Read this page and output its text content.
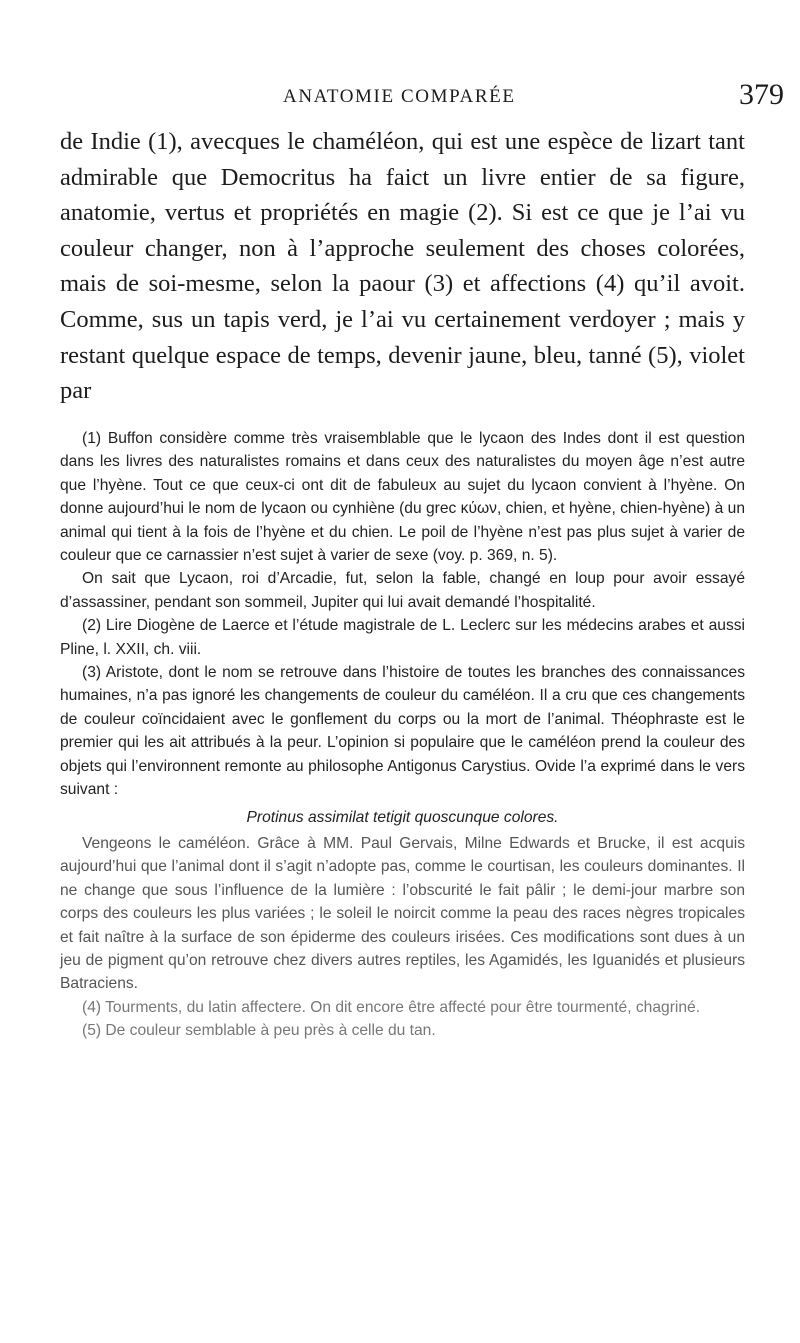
ANATOMIE COMPARÉE	379

de Indie (1), avecques le chaméléon, qui est une espèce de lizart tant admirable que Democritus ha faict un livre entier de sa figure, anatomie, vertus et propriétés en magie (2). Si est ce que je l’ai vu couleur changer, non à l’approche seulement des choses colorées, mais de soi-mesme, selon la paour (3) et affections (4) qu’il avoit. Comme, sus un tapis verd, je l’ai vu certainement verdoyer ; mais y restant quelque espace de temps, devenir jaune, bleu, tanné (5), violet par

(1) Buffon considère comme très vraisemblable que le lycaon des Indes dont il est question dans les livres des naturalistes romains et dans ceux des naturalistes du moyen âge n’est autre que l’hyène. Tout ce que ceux-ci ont dit de fabuleux au sujet du lycaon convient à l’hyène. On donne aujourd’hui le nom de lycaon ou cynhiène (du grec κύων, chien, et hyène, chien-hyène) à un animal qui tient à la fois de l’hyène et du chien. Le poil de l’hyène n’est pas plus sujet à varier de couleur que ce carnassier n’est sujet à varier de sexe (voy. p. 369, n. 5).

On sait que Lycaon, roi d’Arcadie, fut, selon la fable, changé en loup pour avoir essayé d’assassiner, pendant son sommeil, Jupiter qui lui avait demandé l’hospitalité.

(2) Lire Diogène de Laerce et l’étude magistrale de L. Leclerc sur les médecins arabes et aussi Pline, l. XXII, ch. viii.

(3) Aristote, dont le nom se retrouve dans l’histoire de toutes les branches des connaissances humaines, n’a pas ignoré les changements de couleur du caméléon. Il a cru que ces changements de couleur coïncidaient avec le gonflement du corps ou la mort de l’animal. Théophraste est le premier qui les ait attribués à la peur. L’opinion si populaire que le caméléon prend la couleur des objets qui l’environnent remonte au philosophe Antigonus Carystius. Ovide l’a exprimé dans le vers suivant :

Protinus assimilat tetigit quoscunque colores.

Vengeons le caméléon. Grâce à MM. Paul Gervais, Milne Edwards et Brucke, il est acquis aujourd’hui que l’animal dont il s’agit n’adopte pas, comme le courtisan, les couleurs dominantes. Il ne change que sous l’influence de la lumière : l’obscurité le fait pâlir ; le demi-jour marbre son corps des couleurs les plus variées ; le soleil le noircit comme la peau des races nègres tropicales et fait naître à la surface de son épiderme des couleurs irisées. Ces modifications sont dues à un jeu de pigment qu’on retrouve chez divers autres reptiles, les Agamidés, les Iguanidés et plusieurs Batraciens.

(4) Tourments, du latin affectere. On dit encore être affecté pour être tourmenté, chagriné.

(5) De couleur semblable à peu près à celle du tan.
